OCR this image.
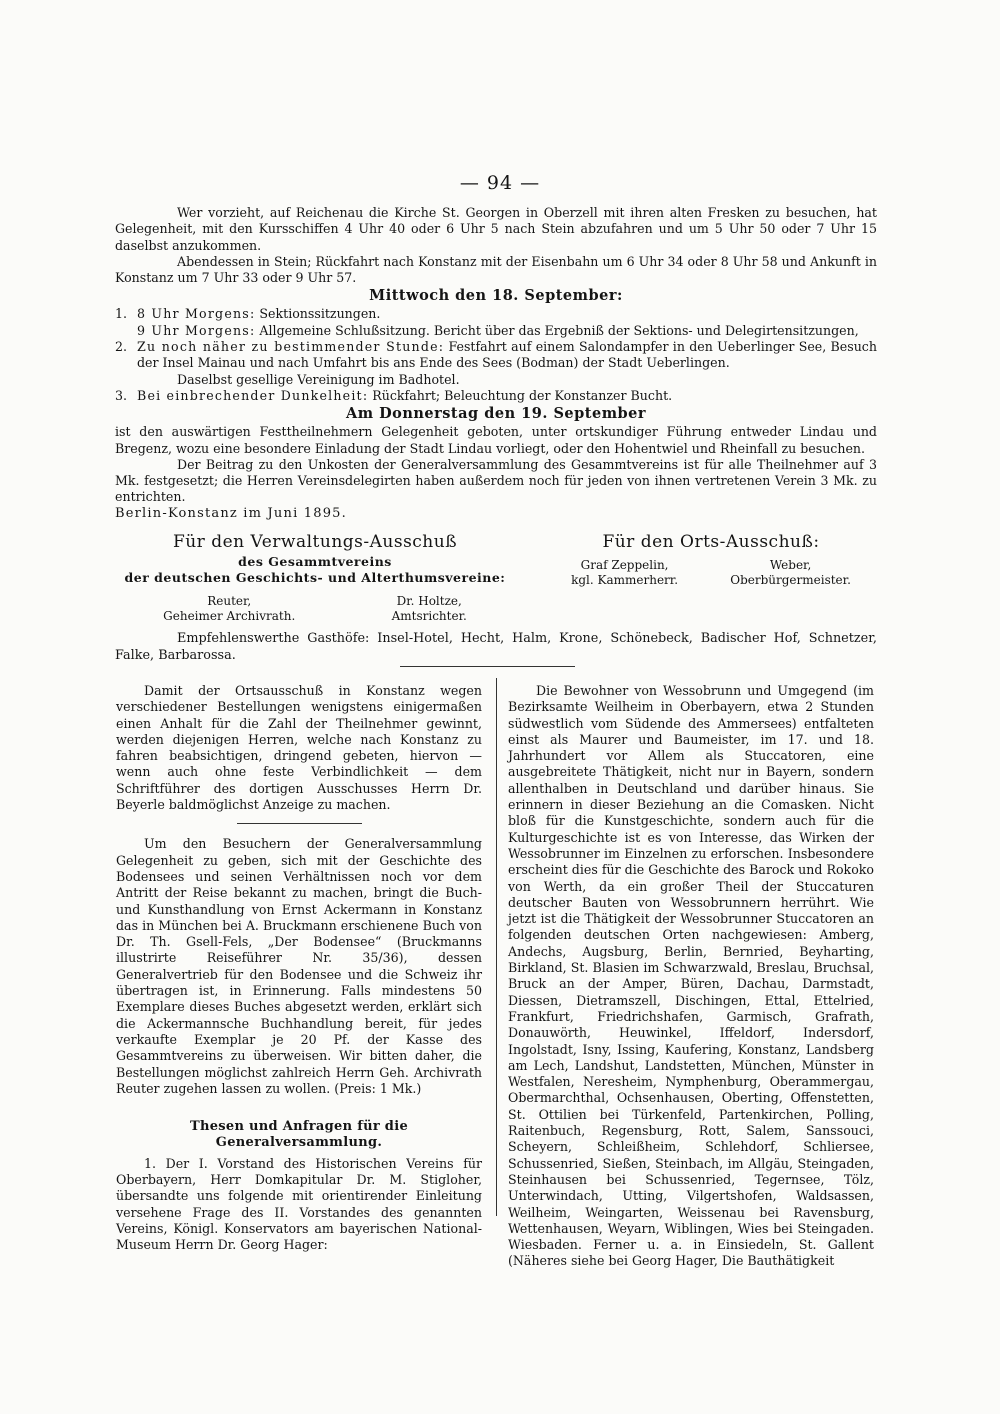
— 94 —

Wer vorzieht, auf Reichenau die Kirche St. Georgen in Oberzell mit ihren alten Fresken zu besuchen, hat Gelegenheit, mit den Kursschiffen 4 Uhr 40 oder 6 Uhr 5 nach Stein abzufahren und um 5 Uhr 50 oder 7 Uhr 15 daselbst anzukommen.

Abendessen in Stein; Rückfahrt nach Konstanz mit der Eisenbahn um 6 Uhr 34 oder 8 Uhr 58 und Ankunft in Konstanz um 7 Uhr 33 oder 9 Uhr 57.

Mittwoch den 18. September:

1. 8 Uhr Morgens: Sektionssitzungen.

9 Uhr Morgens: Allgemeine Schlußsitzung. Bericht über das Ergebniß der Sektions- und Delegirtensitzungen,

2. Zu noch näher zu bestimmender Stunde: Festfahrt auf einem Salondampfer in den Ueberlinger See, Besuch der Insel Mainau und nach Umfahrt bis ans Ende des Sees (Bodman) der Stadt Ueberlingen.

Daselbst gesellige Vereinigung im Badhotel.

3. Bei einbrechender Dunkelheit: Rückfahrt; Beleuchtung der Konstanzer Bucht.

Am Donnerstag den 19. September

ist den auswärtigen Festtheilnehmern Gelegenheit geboten, unter ortskundiger Führung entweder Lindau und Bregenz, wozu eine besondere Einladung der Stadt Lindau vorliegt, oder den Hohentwiel und Rheinfall zu besuchen.

Der Beitrag zu den Unkosten der Generalversammlung des Gesammtvereins ist für alle Theilnehmer auf 3 Mk. festgesetzt; die Herren Vereinsdelegirten haben außerdem noch für jeden von ihnen vertretenen Verein 3 Mk. zu entrichten.

Berlin-Konstanz im Juni 1895.

Für den Verwaltungs-Ausschuß
des Gesammtvereins
der deutschen Geschichts- und Alterthumsvereine:
Reuter,
Geheimer Archivrath.
Dr. Holtze,
Amtsrichter.
Für den Orts-Ausschuß:
Graf Zeppelin,
kgl. Kammerherr.
Weber,
Oberbürgermeister.

Empfehlenswerthe Gasthöfe: Insel-Hotel, Hecht, Halm, Krone, Schönebeck, Badischer Hof, Schnetzer, Falke, Barbarossa.

Damit der Ortsausschuß in Konstanz wegen verschiedener Bestellungen wenigstens einigermaßen einen Anhalt für die Zahl der Theilnehmer gewinnt, werden diejenigen Herren, welche nach Konstanz zu fahren beabsichtigen, dringend gebeten, hiervon — wenn auch ohne feste Verbindlichkeit — dem Schriftführer des dortigen Ausschusses Herrn Dr. Beyerle baldmöglichst Anzeige zu machen.

Um den Besuchern der Generalversammlung Gelegenheit zu geben, sich mit der Geschichte des Bodensees und seinen Verhältnissen noch vor dem Antritt der Reise bekannt zu machen, bringt die Buch- und Kunsthandlung von Ernst Ackermann in Konstanz das in München bei A. Bruckmann erschienene Buch von Dr. Th. Gsell-Fels, „Der Bodensee“ (Bruckmanns illustrirte Reiseführer Nr. 35/36), dessen Generalvertrieb für den Bodensee und die Schweiz ihr übertragen ist, in Erinnerung. Falls mindestens 50 Exemplare dieses Buches abgesetzt werden, erklärt sich die Ackermannsche Buchhandlung bereit, für jedes verkaufte Exemplar je 20 Pf. der Kasse des Gesammtvereins zu überweisen. Wir bitten daher, die Bestellungen möglichst zahlreich Herrn Geh. Archivrath Reuter zugehen lassen zu wollen. (Preis: 1 Mk.)

Thesen und Anfragen für die Generalversammlung.

1. Der I. Vorstand des Historischen Vereins für Oberbayern, Herr Domkapitular Dr. M. Stigloher, übersandte uns folgende mit orientirender Einleitung versehene Frage des II. Vorstandes des genannten Vereins, Königl. Konservators am bayerischen National-Museum Herrn Dr. Georg Hager:

Die Bewohner von Wessobrunn und Umgegend (im Bezirksamte Weilheim in Oberbayern, etwa 2 Stunden südwestlich vom Südende des Ammersees) entfalteten einst als Maurer und Baumeister, im 17. und 18. Jahrhundert vor Allem als Stuccatoren, eine ausgebreitete Thätigkeit, nicht nur in Bayern, sondern allenthalben in Deutschland und darüber hinaus. Sie erinnern in dieser Beziehung an die Comasken. Nicht bloß für die Kunstgeschichte, sondern auch für die Kulturgeschichte ist es von Interesse, das Wirken der Wessobrunner im Einzelnen zu erforschen. Insbesondere erscheint dies für die Geschichte des Barock und Rokoko von Werth, da ein großer Theil der Stuccaturen deutscher Bauten von Wessobrunnern herrührt. Wie jetzt ist die Thätigkeit der Wessobrunner Stuccatoren an folgenden deutschen Orten nachgewiesen: Amberg, Andechs, Augsburg, Berlin, Bernried, Beyharting, Birkland, St. Blasien im Schwarzwald, Breslau, Bruchsal, Bruck an der Amper, Büren, Dachau, Darmstadt, Diessen, Dietramszell, Dischingen, Ettal, Ettelried, Frankfurt, Friedrichshafen, Garmisch, Grafrath, Donauwörth, Heuwinkel, Iffeldorf, Indersdorf, Ingolstadt, Isny, Issing, Kaufering, Konstanz, Landsberg am Lech, Landshut, Landstetten, München, Münster in Westfalen, Neresheim, Nymphenburg, Oberammergau, Obermarchthal, Ochsenhausen, Oberting, Offenstetten, St. Ottilien bei Türkenfeld, Partenkirchen, Polling, Raitenbuch, Regensburg, Rott, Salem, Sanssouci, Scheyern, Schleißheim, Schlehdorf, Schliersee, Schussenried, Sießen, Steinbach, im Allgäu, Steingaden, Steinhausen bei Schussenried, Tegernsee, Tölz, Unterwindach, Utting, Vilgertshofen, Waldsassen, Weilheim, Weingarten, Weissenau bei Ravensburg, Wettenhausen, Weyarn, Wiblingen, Wies bei Steingaden. Wiesbaden. Ferner u. a. in Einsiedeln, St. Gallent (Näheres siehe bei Georg Hager, Die Bauthätigkeit
